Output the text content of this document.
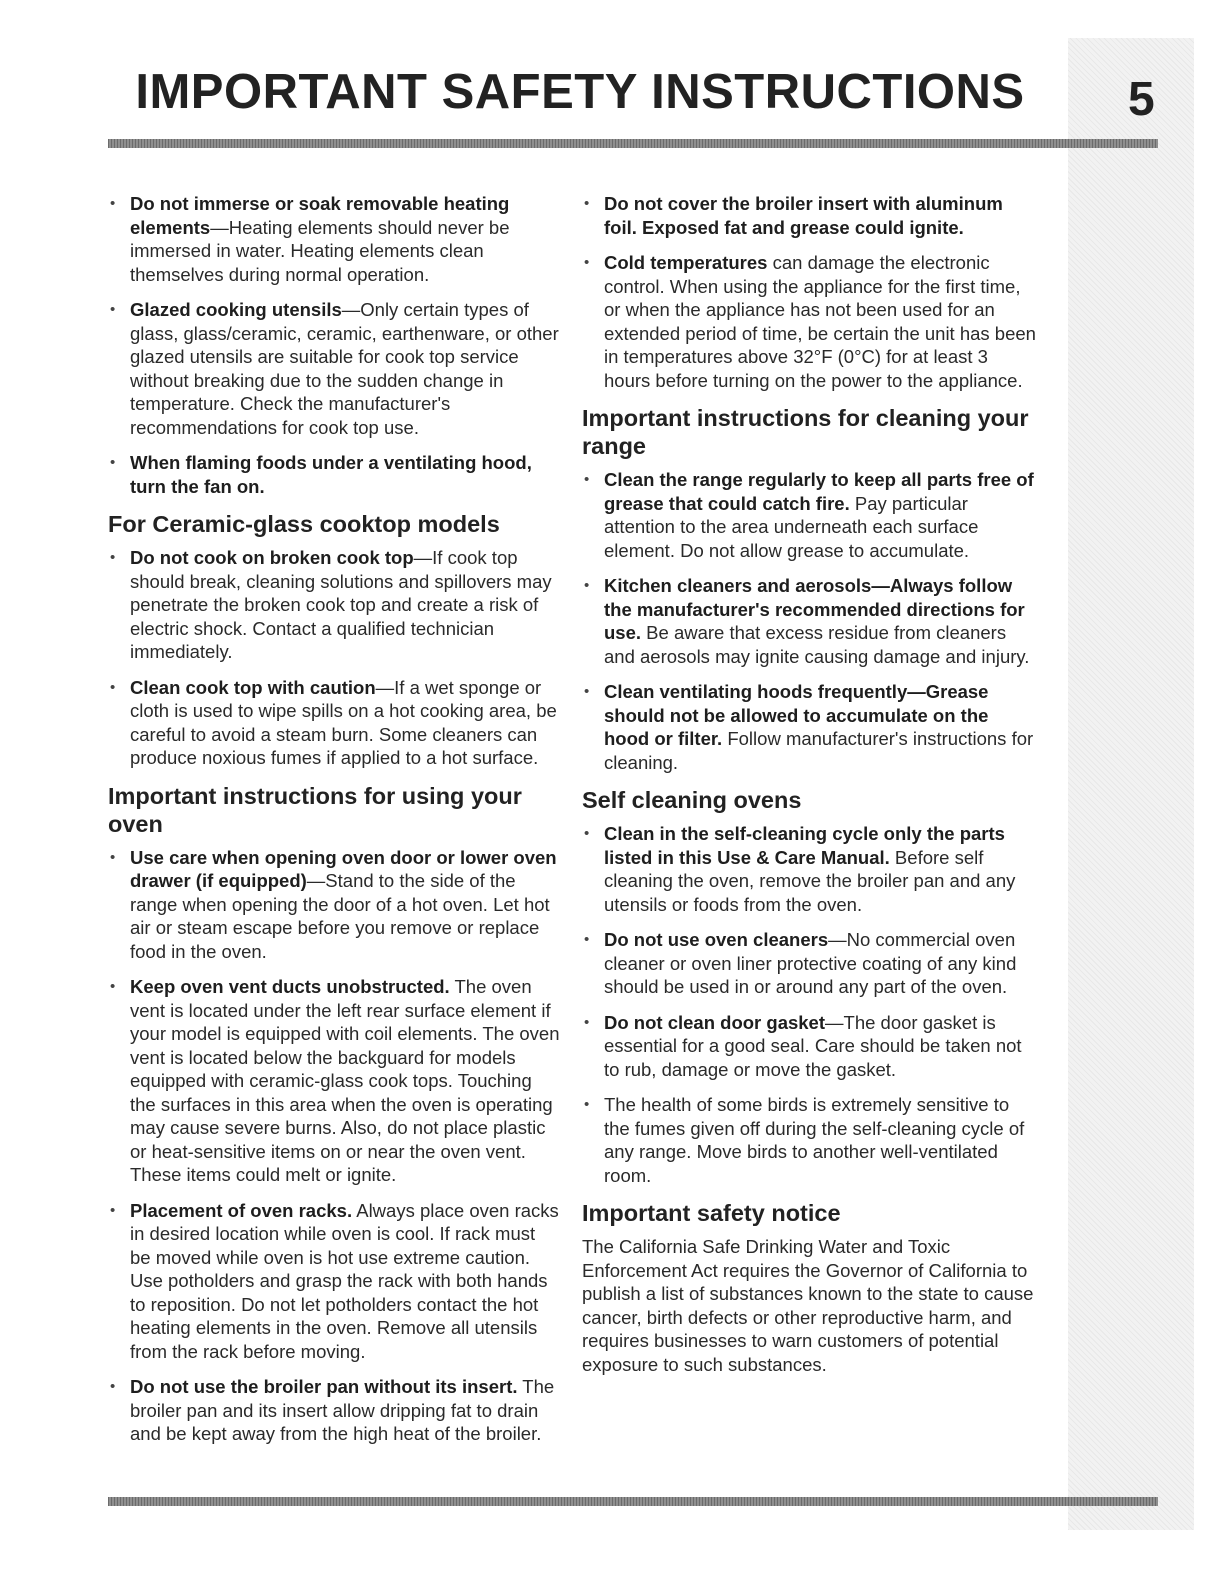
IMPORTANT SAFETY INSTRUCTIONS	5
• Do not immerse or soak removable heating elements—Heating elements should never be immersed in water. Heating elements clean themselves during normal operation.
• Glazed cooking utensils—Only certain types of glass, glass/ceramic, ceramic, earthenware, or other glazed utensils are suitable for cook top service without breaking due to the sudden change in temperature. Check the manufacturer's recommendations for cook top use.
• When flaming foods under a ventilating hood, turn the fan on.
For Ceramic-glass cooktop models
• Do not cook on broken cook top—If cook top should break, cleaning solutions and spillovers may penetrate the broken cook top and create a risk of electric shock. Contact a qualified technician immediately.
• Clean cook top with caution—If a wet sponge or cloth is used to wipe spills on a hot cooking area, be careful to avoid a steam burn. Some cleaners can produce noxious fumes if applied to a hot surface.
Important instructions for using your oven
• Use care when opening oven door or lower oven drawer (if equipped)—Stand to the side of the range when opening the door of a hot oven. Let hot air or steam escape before you remove or replace food in the oven.
• Keep oven vent ducts unobstructed. The oven vent is located under the left rear surface element if your model is equipped with coil elements. The oven vent is located below the backguard for models equipped with ceramic-glass cook tops. Touching the surfaces in this area when the oven is operating may cause severe burns. Also, do not place plastic or heat-sensitive items on or near the oven vent. These items could melt or ignite.
• Placement of oven racks. Always place oven racks in desired location while oven is cool. If rack must be moved while oven is hot use extreme caution. Use potholders and grasp the rack with both hands to reposition. Do not let potholders contact the hot heating elements in the oven. Remove all utensils from the rack before moving.
• Do not use the broiler pan without its insert. The broiler pan and its insert allow dripping fat to drain and be kept away from the high heat of the broiler.
• Do not cover the broiler insert with aluminum foil. Exposed fat and grease could ignite.
• Cold temperatures can damage the electronic control. When using the appliance for the first time, or when the appliance has not been used for an extended period of time, be certain the unit has been in temperatures above 32°F (0°C) for at least 3 hours before turning on the power to the appliance.
Important instructions for cleaning your range
• Clean the range regularly to keep all parts free of grease that could catch fire. Pay particular attention to the area underneath each surface element. Do not allow grease to accumulate.
• Kitchen cleaners and aerosols—Always follow the manufacturer's recommended directions for use. Be aware that excess residue from cleaners and aerosols may ignite causing damage and injury.
• Clean ventilating hoods frequently—Grease should not be allowed to accumulate on the hood or filter. Follow manufacturer's instructions for cleaning.
Self cleaning ovens
• Clean in the self-cleaning cycle only the parts listed in this Use & Care Manual. Before self cleaning the oven, remove the broiler pan and any utensils or foods from the oven.
• Do not use oven cleaners—No commercial oven cleaner or oven liner protective coating of any kind should be used in or around any part of the oven.
• Do not clean door gasket—The door gasket is essential for a good seal. Care should be taken not to rub, damage or move the gasket.
• The health of some birds is extremely sensitive to the fumes given off during the self-cleaning cycle of any range. Move birds to another well-ventilated room.
Important safety notice

The California Safe Drinking Water and Toxic Enforcement Act requires the Governor of California to publish a list of substances known to the state to cause cancer, birth defects or other reproductive harm, and requires businesses to warn customers of potential exposure to such substances.
